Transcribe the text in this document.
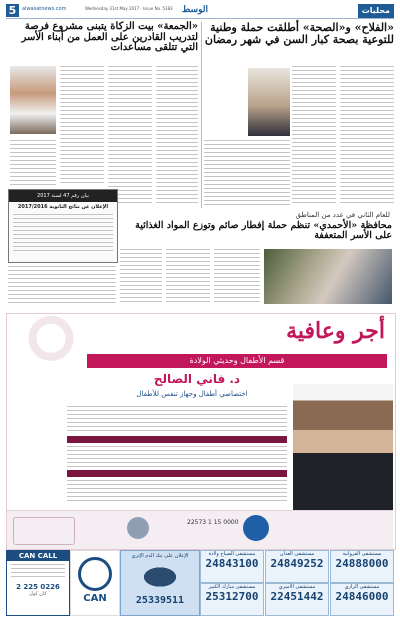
5	alwasatnews.com	Wednesday 31st May 2017 · Issue No. 5383 الوسط	محليات
«الفلاح» و«الصحة» أطلقت حملة وطنية للتوعية بصحة كبار السن في شهر رمضان
«الجمعة» بيت الزكاة يتبنى مشروع فرصة لتدريب القادرين على العمل من أبناء الأسر التي تتلقى مساعدات
بيان رقم 47 لسنة 2017
الإعلان عن نتائج الثانوية 2017/2016
للعام الثاني في عدد من المناطق
محافظة «الأحمدي» تنظم حملة إفطار صائم وتوزع المواد الغذائية على الأسر المتعففة
أجر وعافية
قسم الأطفال وحديثي الولادة
د. فاني الصالح
اختصاصي أطفال وجهاز تنفس للأطفال
22573 1 15 0000
CAN CALL
2 225 0226
كان كول	CAN
الإعلان على بنك الدم الإثري
25339511
مستشفى الصباح ولادة
24843100
مستشفى العدان
24849252
مستشفى الفروانية
24888000
مستشفى مبارك الكبير
25312700
مستشفى الأميري
22451442
مستشفى الرازي
24846000
